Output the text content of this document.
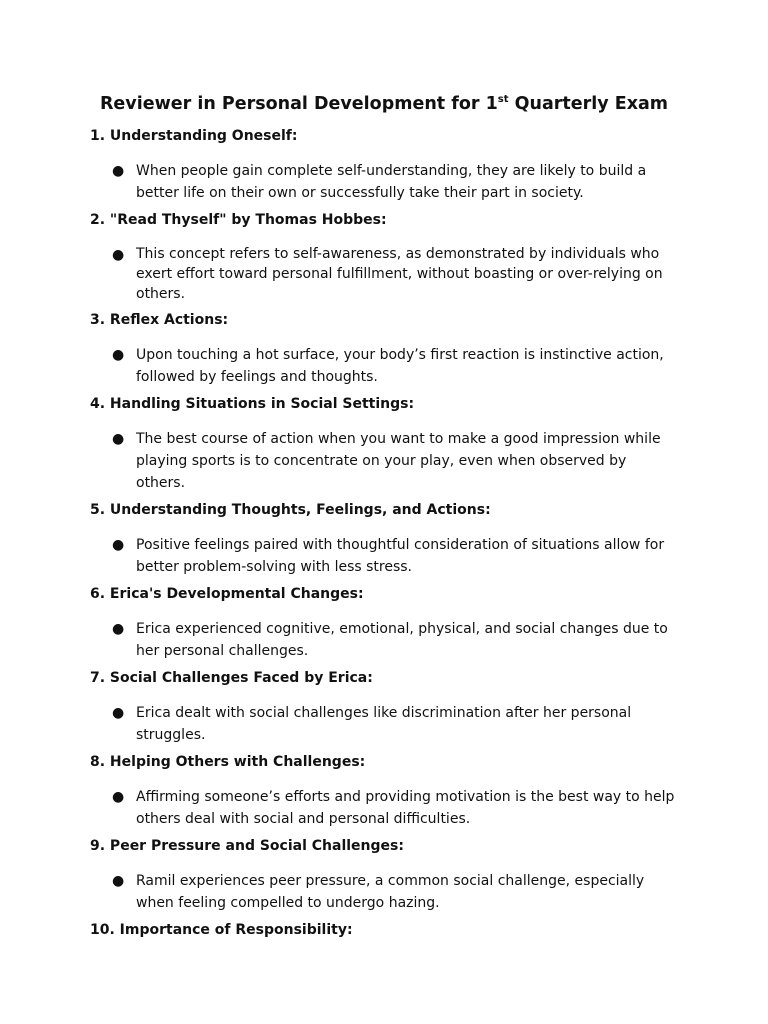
Reviewer in Personal Development for 1st Quarterly Exam
1. Understanding Oneself:
● When people gain complete self-understanding, they are likely to build a better life on their own or successfully take their part in society.
2. "Read Thyself" by Thomas Hobbes:
● This concept refers to self-awareness, as demonstrated by individuals who exert effort toward personal fulfillment, without boasting or over-relying on others.
3. Reflex Actions:
● Upon touching a hot surface, your body’s first reaction is instinctive action, followed by feelings and thoughts.
4. Handling Situations in Social Settings:
● The best course of action when you want to make a good impression while playing sports is to concentrate on your play, even when observed by others.
5. Understanding Thoughts, Feelings, and Actions:
● Positive feelings paired with thoughtful consideration of situations allow for better problem-solving with less stress.
6. Erica's Developmental Changes:
● Erica experienced cognitive, emotional, physical, and social changes due to her personal challenges.
7. Social Challenges Faced by Erica:
● Erica dealt with social challenges like discrimination after her personal struggles.
8. Helping Others with Challenges:
● Affirming someone’s efforts and providing motivation is the best way to help others deal with social and personal difficulties.
9. Peer Pressure and Social Challenges:
● Ramil experiences peer pressure, a common social challenge, especially when feeling compelled to undergo hazing.
10. Importance of Responsibility:
